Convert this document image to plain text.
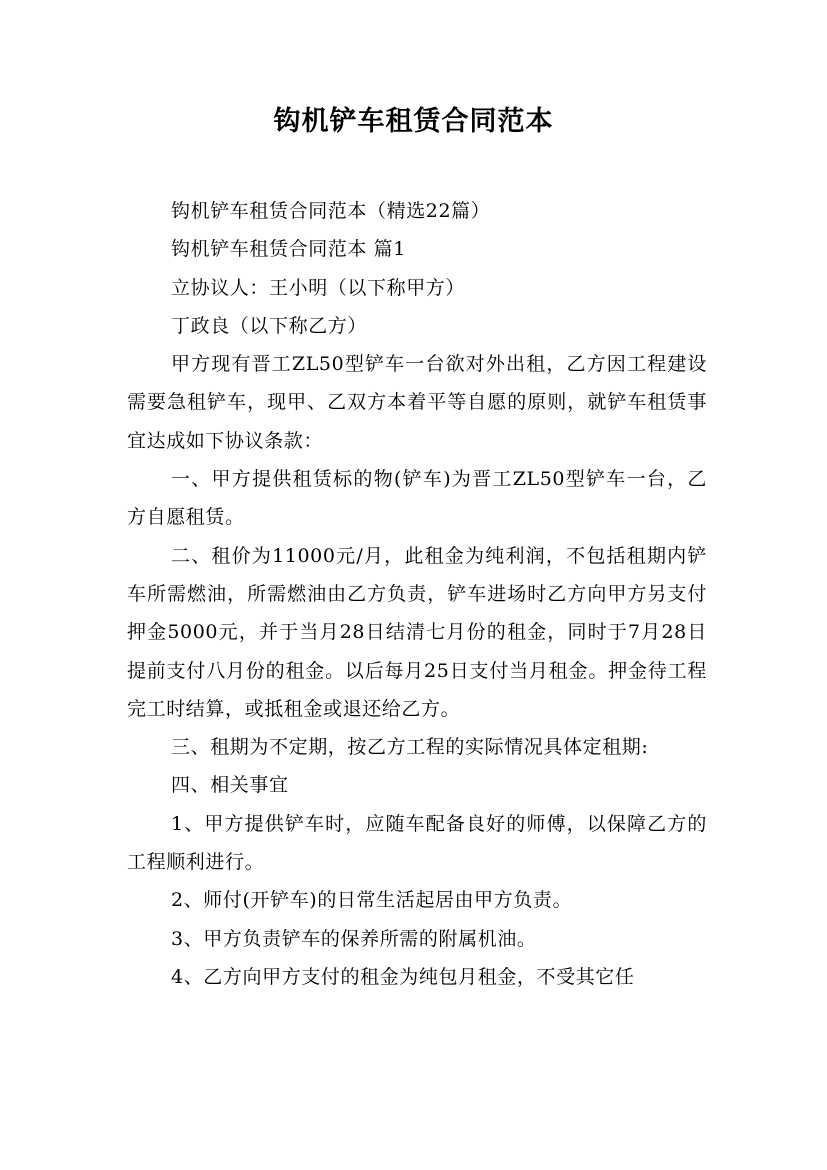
钩机铲车租赁合同范本

钩机铲车租赁合同范本（精选22篇）

钩机铲车租赁合同范本 篇1

立协议人：王小明（以下称甲方）

丁政良（以下称乙方）

甲方现有晋工ZL50型铲车一台欲对外出租，乙方因工程建设需要急租铲车，现甲、乙双方本着平等自愿的原则，就铲车租赁事宜达成如下协议条款：

一、甲方提供租赁标的物(铲车)为晋工ZL50型铲车一台，乙方自愿租赁。

二、租价为11000元/月，此租金为纯利润，不包括租期内铲车所需燃油，所需燃油由乙方负责，铲车进场时乙方向甲方另支付押金5000元，并于当月28日结清七月份的租金，同时于7月28日提前支付八月份的租金。以后每月25日支付当月租金。押金待工程完工时结算，或抵租金或退还给乙方。

三、租期为不定期，按乙方工程的实际情况具体定租期:

四、相关事宜

1、甲方提供铲车时，应随车配备良好的师傅，以保障乙方的工程顺利进行。

2、师付(开铲车)的日常生活起居由甲方负责。

3、甲方负责铲车的保养所需的附属机油。

4、乙方向甲方支付的租金为纯包月租金，不受其它任
